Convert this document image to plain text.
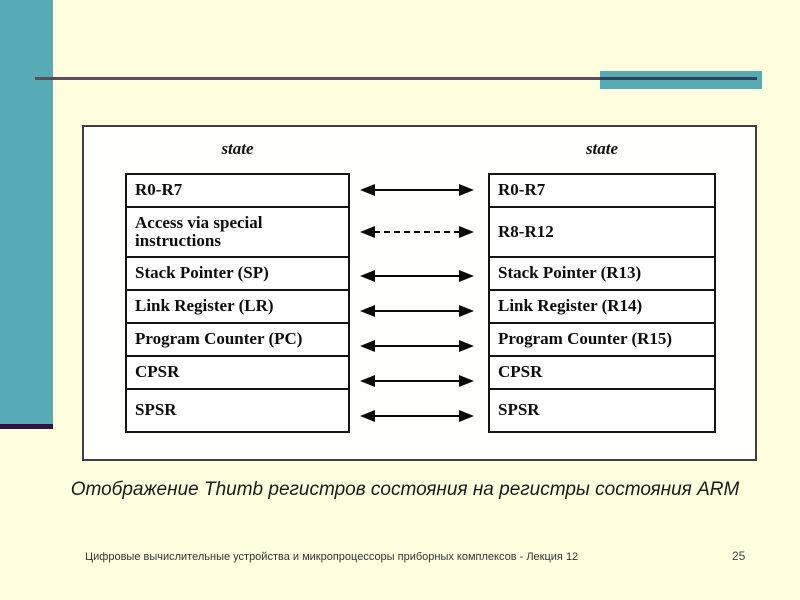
state	state
R0-R7
Access via special instructions
Stack Pointer (SP)
Link Register (LR)
Program Counter (PC)
CPSR
SPSR
R0-R7
R8-R12
Stack Pointer (R13)
Link Register (R14)
Program Counter (R15)
CPSR
SPSR
Отображение Thumb регистров состояния на регистры состояния ARM
Цифровые вычислительные устройства и микропроцессоры приборных комплексов - Лекция 12	25
